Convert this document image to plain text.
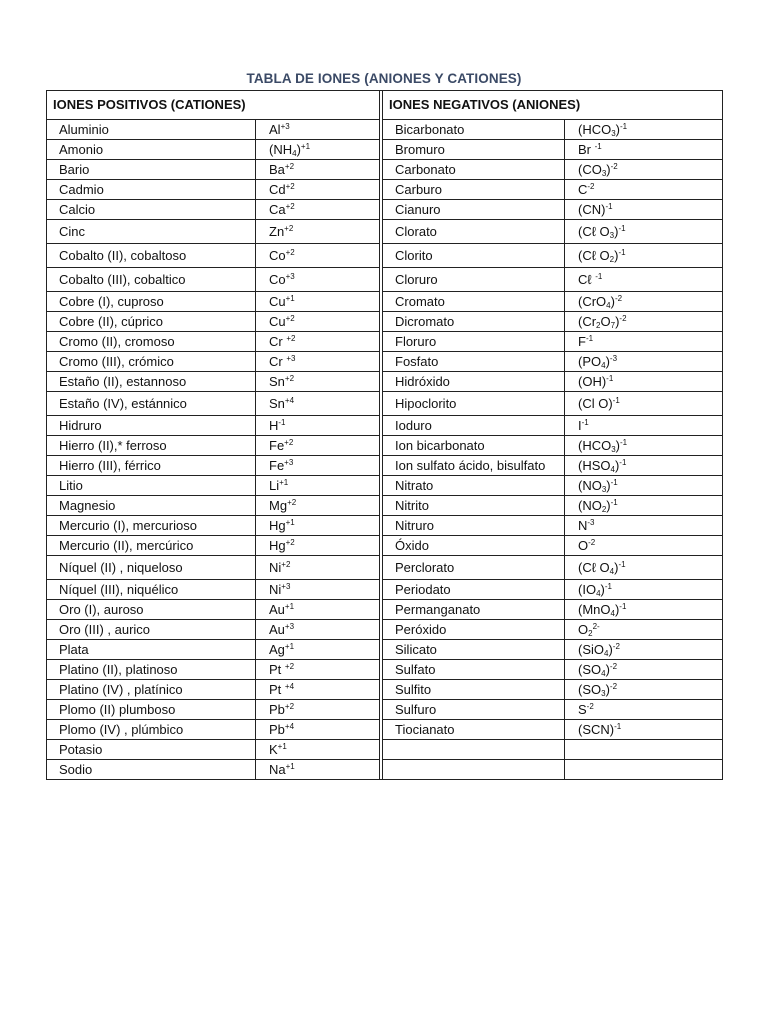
TABLA DE IONES (ANIONES Y CATIONES)
IONES POSITIVOS (CATIONES)			IONES NEGATIVOS (ANIONES)	
Aluminio	$Al^{+3}$		Bicarbonato	$(HCO_3)^{-1}$
Amonio	$(NH_4)^{+1}$		Bromuro	Br $^{-1}$
Bario	$Ba^{+2}$		Carbonato	$(CO_3)^{-2}$
Cadmio	$Cd^{+2}$		Carburo	$C^{-2}$
Calcio	$Ca^{+2}$		Cianuro	(CN)$^{-1}$
Cinc	$Zn^{+2}$		Clorato	(Cℓ $O_3)^{-1}$
Cobalto (II), cobaltoso	$Co^{+2}$		Clorito	(Cℓ $O_2)^{-1}$
Cobalto (III), cobaltico	$Co^{+3}$		Cloruro	Cℓ $^{-1}$
Cobre (I), cuproso	$Cu^{+1}$		Cromato	$(CrO_4)^{-2}$
Cobre (II), cúprico	$Cu^{+2}$		Dicromato	$(Cr_2O_7)^{-2}$
Cromo (II), cromoso	Cr $^{+2}$		Floruro	$F^{-1}$
Cromo (III), crómico	Cr $^{+3}$		Fosfato	$(PO_4)^{-3}$
Estaño (II), estannoso	$Sn^{+2}$		Hidróxido	(OH)$^{-1}$
Estaño (IV), estánnico	$Sn^{+4}$		Hipoclorito	(Cl O)$^{-1}$
Hidruro	$H^{-1}$		Ioduro	$I^{-1}$
Hierro (II),* ferroso	$Fe^{+2}$		Ion bicarbonato	$(HCO_3)^{-1}$
Hierro (III), férrico	$Fe^{+3}$		Ion sulfato ácido, bisulfato	$(HSO_4)^{-1}$
Litio	$Li^{+1}$		Nitrato	$(NO_3)^{-1}$
Magnesio	$Mg^{+2}$		Nitrito	$(NO_2)^{-1}$
Mercurio (I), mercurioso	$Hg^{+1}$		Nitruro	$N^{-3}$
Mercurio (II), mercúrico	$Hg^{+2}$		Óxido	$O^{-2}$
Níquel (II) , niqueloso	$Ni^{+2}$		Perclorato	(Cℓ $O_4)^{-1}$
Níquel (III), niquélico	$Ni^{+3}$		Periodato	$(IO_4)^{-1}$
Oro (I), auroso	$Au^{+1}$		Permanganato	$(MnO_4)^{-1}$
Oro (III) , aurico	$Au^{+3}$		Peróxido	$O_2^{2-}$
Plata	$Ag^{+1}$		Silicato	$(SiO_4)^{-2}$
Platino (II), platinoso	Pt $^{+2}$		Sulfato	$(SO_4)^{-2}$
Platino (IV) , platínico	Pt $^{+4}$		Sulfito	$(SO_3)^{-2}$
Plomo (II) plumboso	$Pb^{+2}$		Sulfuro	$S^{-2}$
Plomo (IV) , plúmbico	$Pb^{+4}$		Tiocianato	(SCN)$^{-1}$
Potasio	$K^{+1}$			
Sodio	$Na^{+1}$			
